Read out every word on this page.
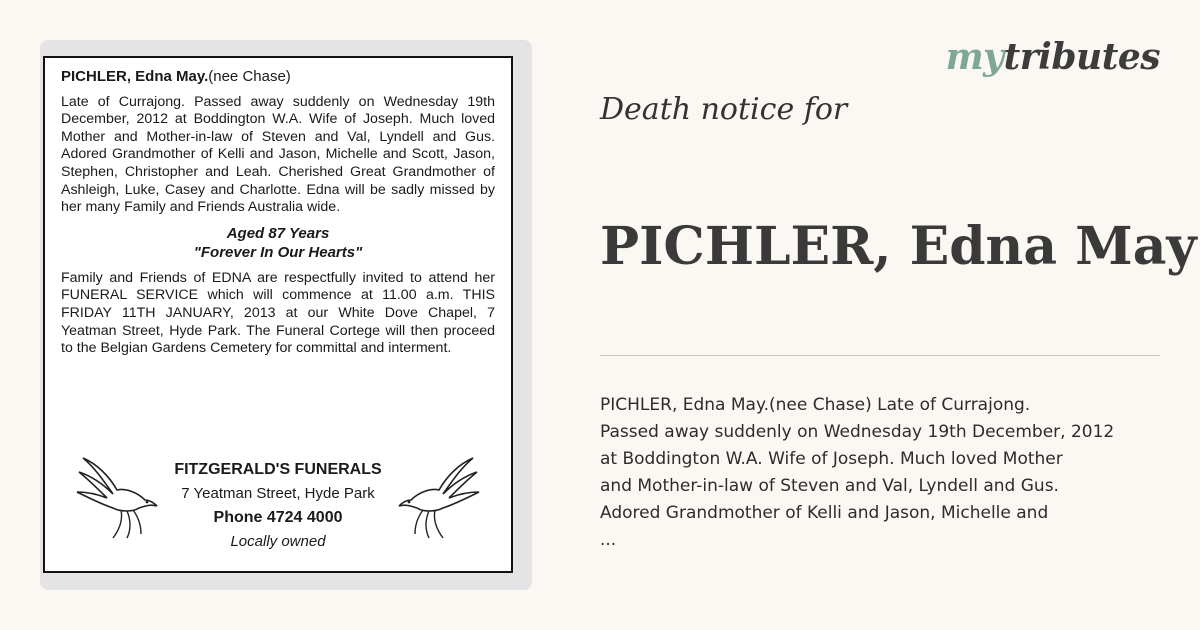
PICHLER, Edna May.(nee Chase)

Late of Currajong. Passed away suddenly on Wednesday 19th December, 2012 at Boddington W.A. Wife of Joseph. Much loved Mother and Mother-in-law of Steven and Val, Lyndell and Gus. Adored Grandmother of Kelli and Jason, Michelle and Scott, Jason, Stephen, Christopher and Leah. Cherished Great Grandmother of Ashleigh, Luke, Casey and Charlotte. Edna will be sadly missed by her many Family and Friends Australia wide.

Aged 87 Years
"Forever In Our Hearts"

Family and Friends of EDNA are respectfully invited to attend her FUNERAL SERVICE which will commence at 11.00 a.m. THIS FRIDAY 11TH JANUARY, 2013 at our White Dove Chapel, 7 Yeatman Street, Hyde Park. The Funeral Cortege will then proceed to the Belgian Gardens Cemetery for committal and interment.

FITZGERALD'S FUNERALS
7 Yeatman Street, Hyde Park
Phone 4724 4000
Locally owned
mytributes
Death notice for
PICHLER, Edna May
PICHLER, Edna May.(nee Chase) Late of Currajong.
Passed away suddenly on Wednesday 19th December, 2012
at Boddington W.A. Wife of Joseph. Much loved Mother
and Mother-in-law of Steven and Val, Lyndell and Gus.
Adored Grandmother of Kelli and Jason, Michelle and
...
